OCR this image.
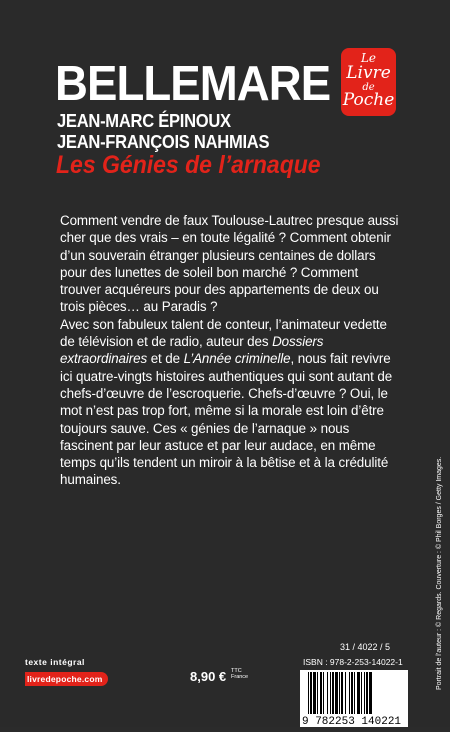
BELLEMARE
JEAN-MARC ÉPINOUX
JEAN-FRANÇOIS NAHMIAS
Les Génies de l’arnaque
Le
Livre
de
Poche

Comment vendre de faux Toulouse-Lautrec presque aussi cher que des vrais – en toute légalité ? Comment obtenir d’un souverain étranger plusieurs centaines de dollars pour des lunettes de soleil bon marché ? Comment trouver acquéreurs pour des appartements de deux ou trois pièces… au Paradis ?

Avec son fabuleux talent de conteur, l’animateur vedette de télévision et de radio, auteur des Dossiers extraordinaires et de L’Année criminelle, nous fait revivre ici quatre-vingts histoires authentiques qui sont autant de chefs-d’œuvre de l’escroquerie. Chefs-d’œuvre ? Oui, le mot n’est pas trop fort, même si la morale est loin d’être toujours sauve. Ces « génies de l’arnaque » nous fascinent par leur astuce et par leur audace, en même temps qu’ils tendent un miroir à la bêtise et à la crédulité humaines.

texte intégral
livredepoche.com	8,90 € TTC
France
31 / 4022 / 5
ISBN : 978-2-253-14022-1
9 782253 140221
Portrait de l’auteur : © Regards. Couverture : © Phil Borges / Getty Images.
